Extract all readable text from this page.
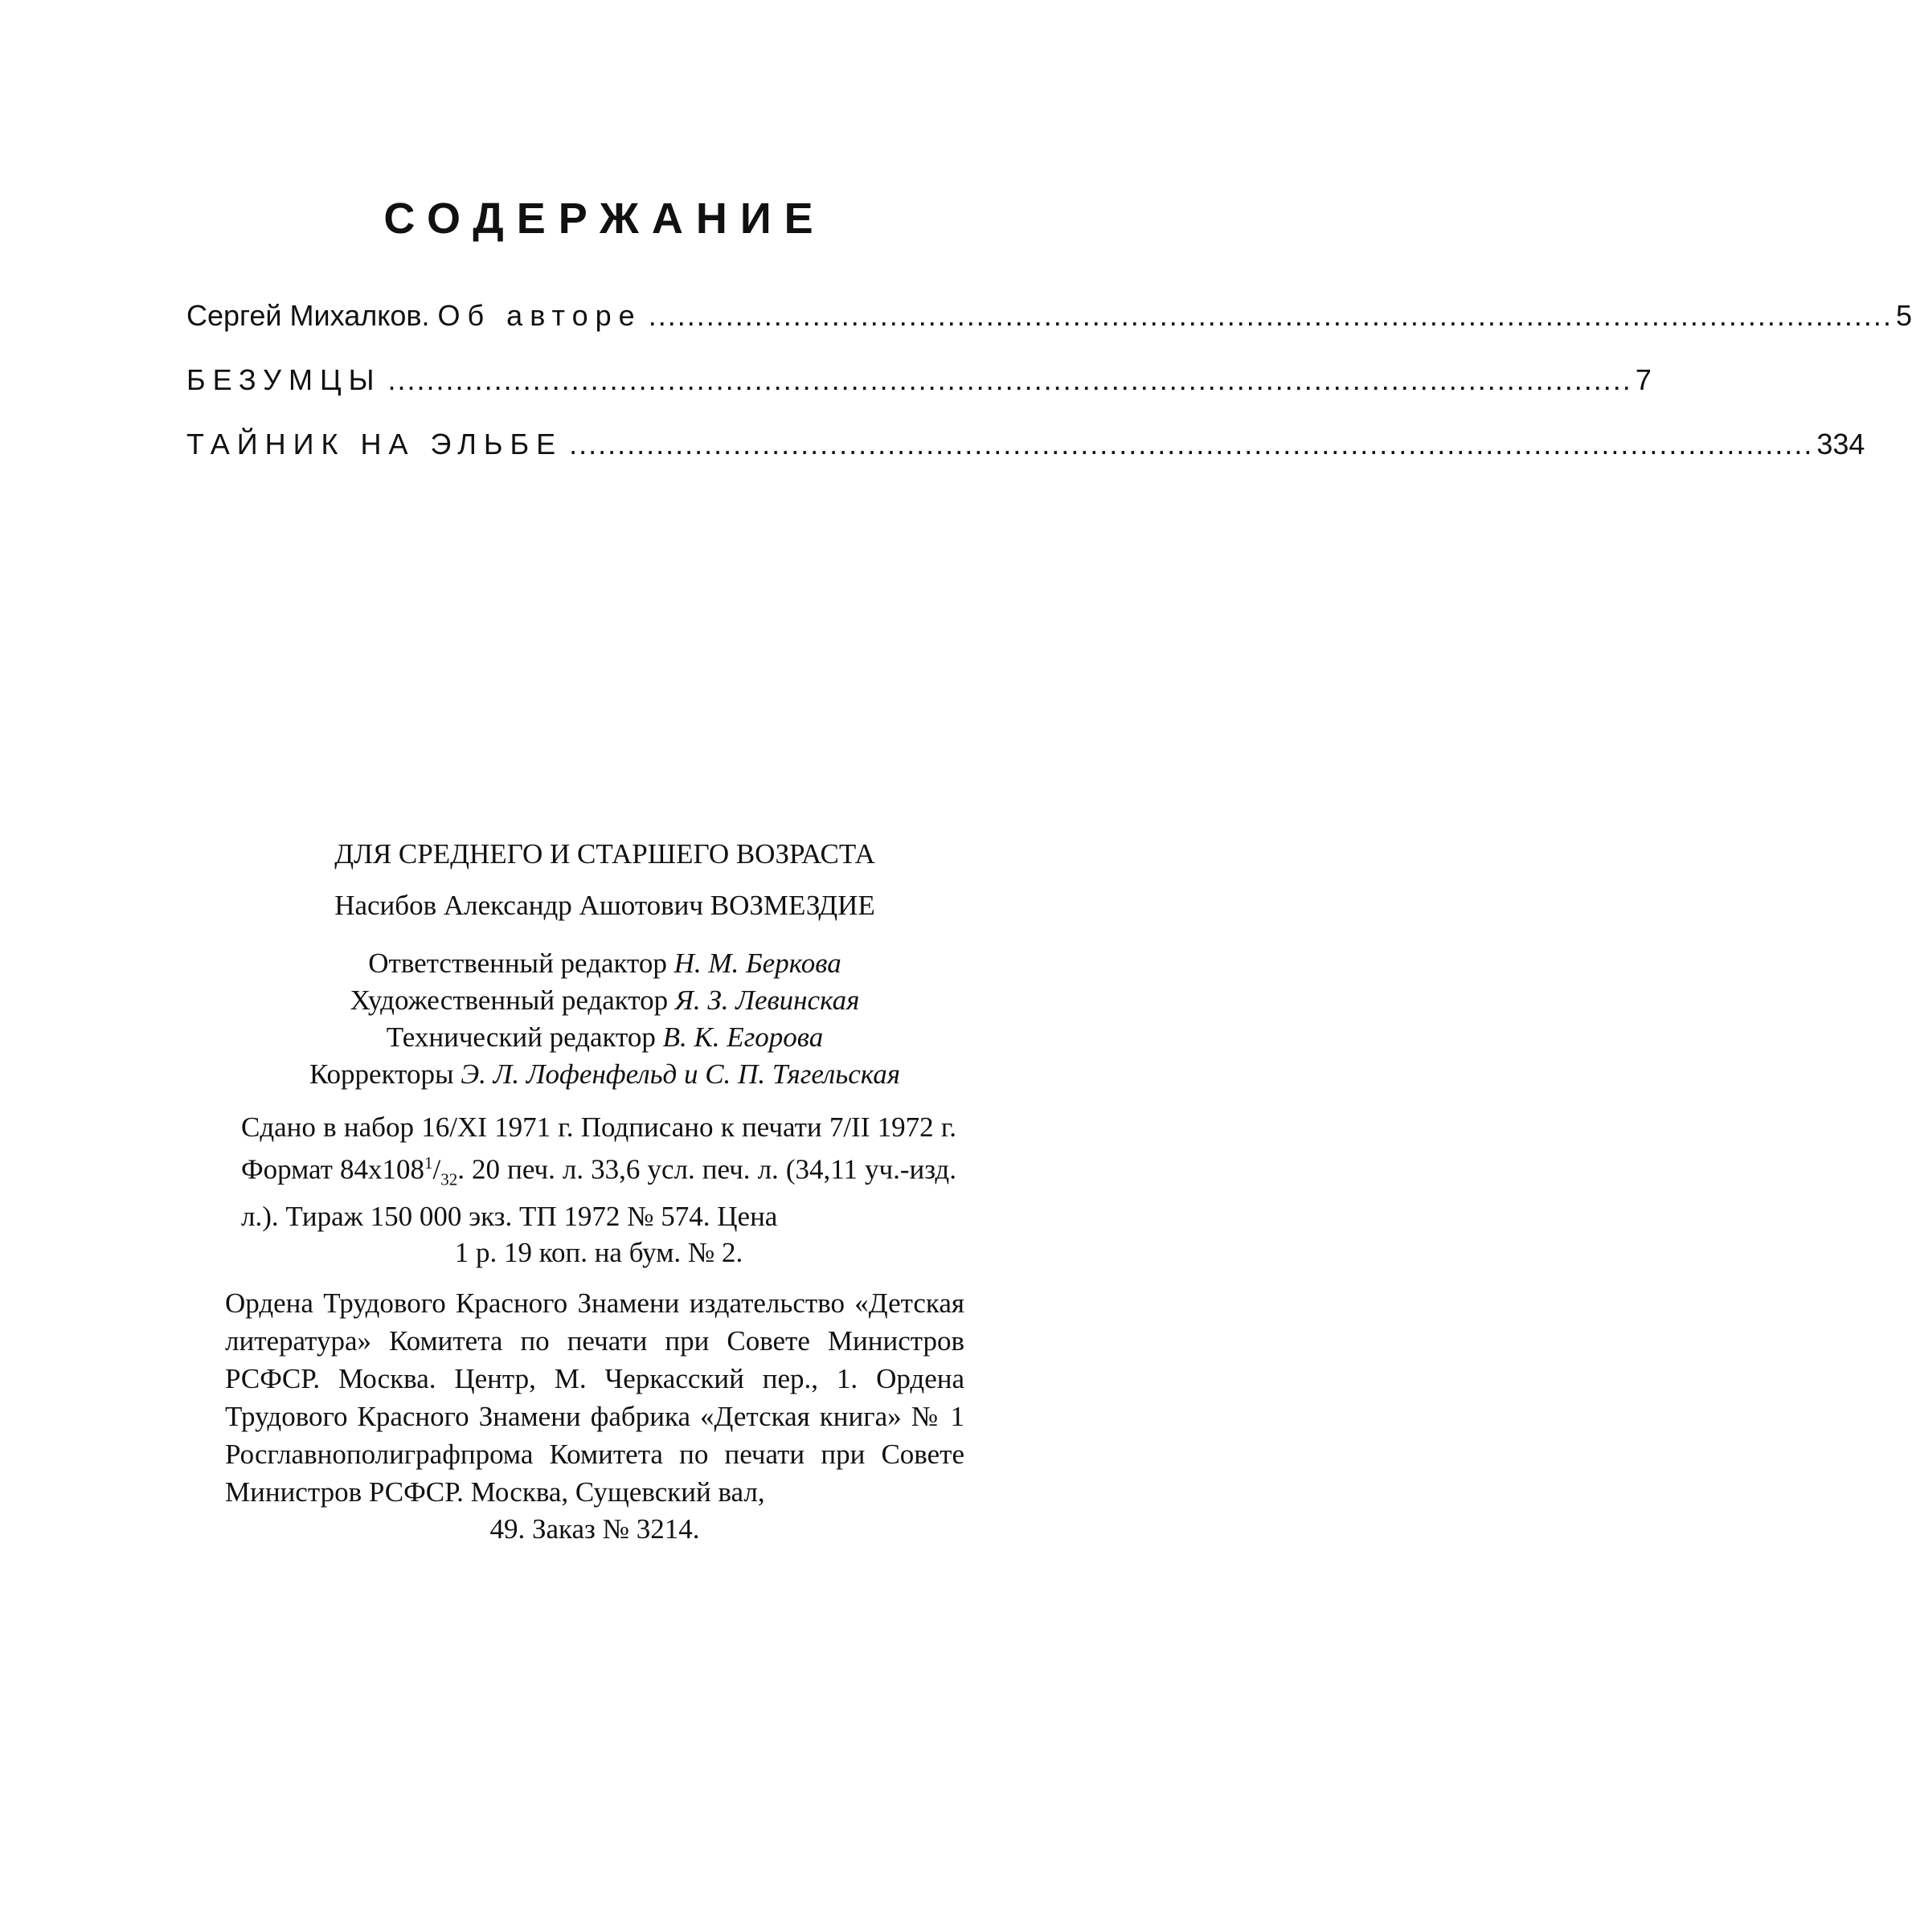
СОДЕРЖАНИЕ
Сергей Михалков. Об автоpe ................................................................................................................................. 5
БЕЗУМЦЫ ................................................................................................................................. 7
ТАЙНИК НА ЭЛЬБЕ ................................................................................................................................. 334
ДЛЯ СРЕДНЕГО И СТАРШЕГО ВОЗРАСТА
Насибов Александр Ашотович ВОЗМЕЗДИЕ
Ответственный редактор Н. М. Беркова
Художественный редактор Я. З. Левинская
Технический редактор В. К. Егорова
Корректоры Э. Л. Лофенфельд и С. П. Тягельская
Сдано в набор 16/XI 1971 г. Подписано к печати 7/II 1972 г. Формат $84x108^1/_{32}$. 20 печ. л. 33,6 усл. печ. л. (34,11 уч.-изд. л.). Тираж 150 000 экз. ТП 1972 № 574. Цена
1 р. 19 коп. на бум. № 2.
Ордена Трудового Красного Знамени издательство «Детская литература» Комитета по печати при Совете Министров РСФСР. Москва. Центр, М. Черкасский пер., 1. Ордена Трудового Красного Знамени фабрика «Детская книга» № 1 Росглавнополиграфпрома Комитета по печати при Совете Министров РСФСР. Москва, Сущевский вал,
49. Заказ № 3214.
